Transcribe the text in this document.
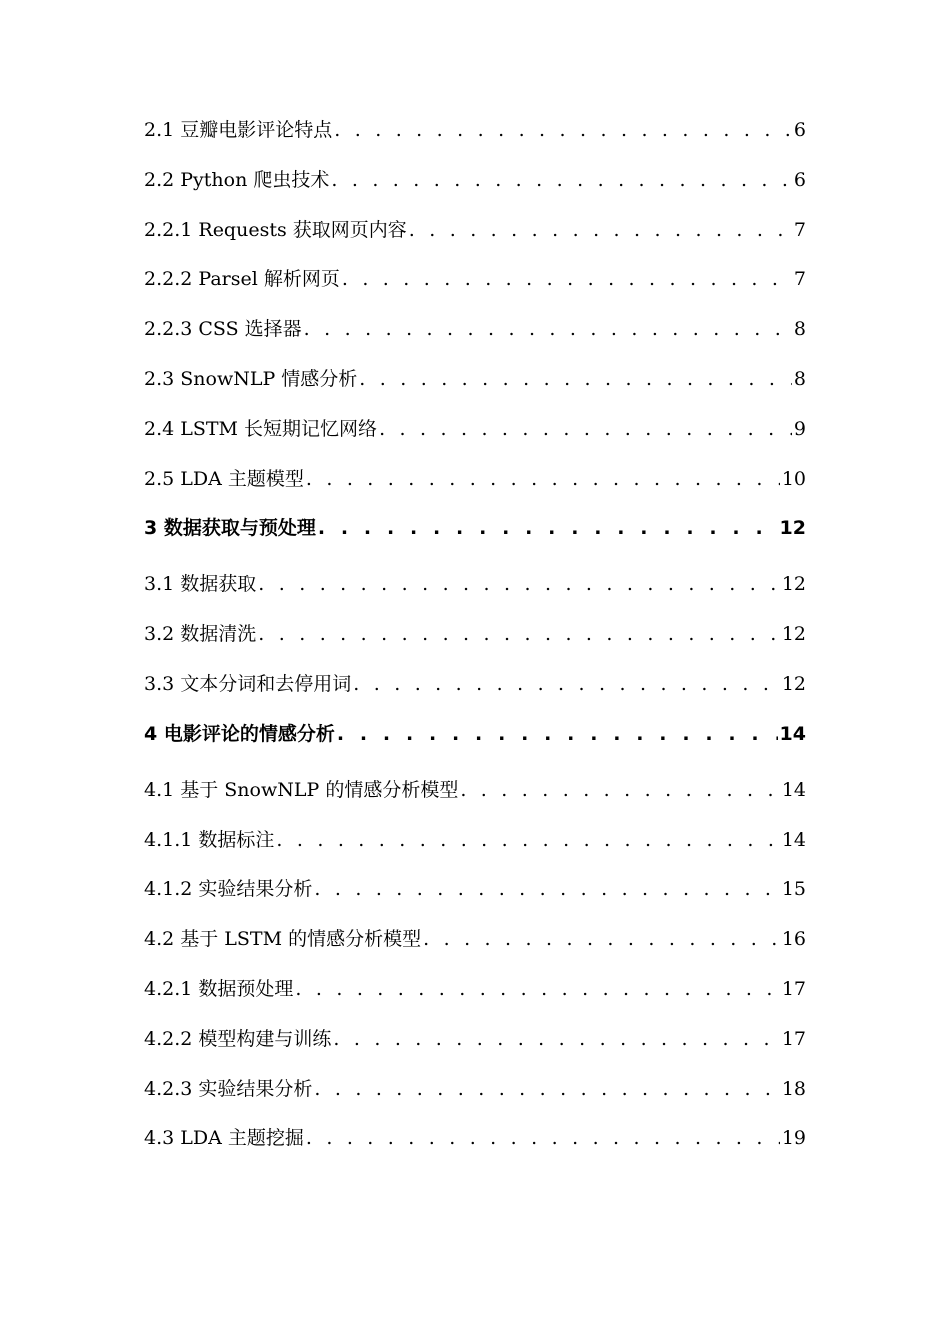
2.1 豆瓣电影评论特点 . . .	6
2.2 Python 爬虫技术 . . .	6
2.2.1 Requests 获取网页内容 . . .	7
2.2.2 Parsel 解析网页 . . .	7
2.2.3 CSS 选择器 . . .	8
2.3 SnowNLP 情感分析 . . .	8
2.4 LSTM 长短期记忆网络 . . .	9
2.5 LDA 主题模型 . . .	10
3 数据获取与预处理 . . .	12
3.1 数据获取 . . .	12
3.2 数据清洗 . . .	12
3.3 文本分词和去停用词 . . .	12
4 电影评论的情感分析 . . .	14
4.1 基于 SnowNLP 的情感分析模型 . . .	14
4.1.1 数据标注 . . .	14
4.1.2 实验结果分析 . . .	15
4.2 基于 LSTM 的情感分析模型 . . .	16
4.2.1 数据预处理 . . .	17
4.2.2 模型构建与训练 . . .	17
4.2.3 实验结果分析 . . .	18
4.3 LDA 主题挖掘 . . .	19
